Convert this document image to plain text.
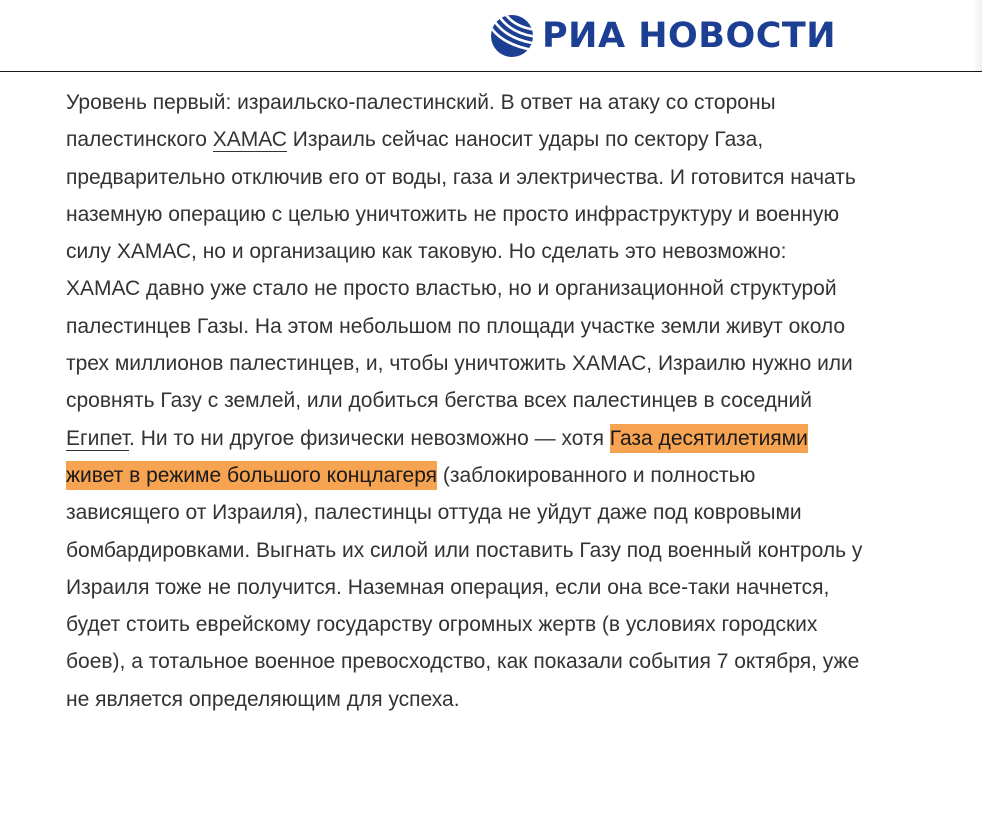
РИА НОВОСТИ

Уровень первый: израильско-палестинский. В ответ на атаку со стороны палестинского ХАМАС Израиль сейчас наносит удары по сектору Газа, предварительно отключив его от воды, газа и электричества. И готовится начать наземную операцию с целью уничтожить не просто инфраструктуру и военную силу ХАМАС, но и организацию как таковую. Но сделать это невозможно: ХАМАС давно уже стало не просто властью, но и организационной структурой палестинцев Газы. На этом небольшом по площади участке земли живут около трех миллионов палестинцев, и, чтобы уничтожить ХАМАС, Израилю нужно или сровнять Газу с землей, или добиться бегства всех палестинцев в соседний Египет. Ни то ни другое физически невозможно — хотя Газа десятилетиями живет в режиме большого концлагеря (заблокированного и полностью зависящего от Израиля), палестинцы оттуда не уйдут даже под ковровыми бомбардировками. Выгнать их силой или поставить Газу под военный контроль у Израиля тоже не получится. Наземная операция, если она все-таки начнется, будет стоить еврейскому государству огромных жертв (в условиях городских боев), а тотальное военное превосходство, как показали события 7 октября, уже не является определяющим для успеха.
